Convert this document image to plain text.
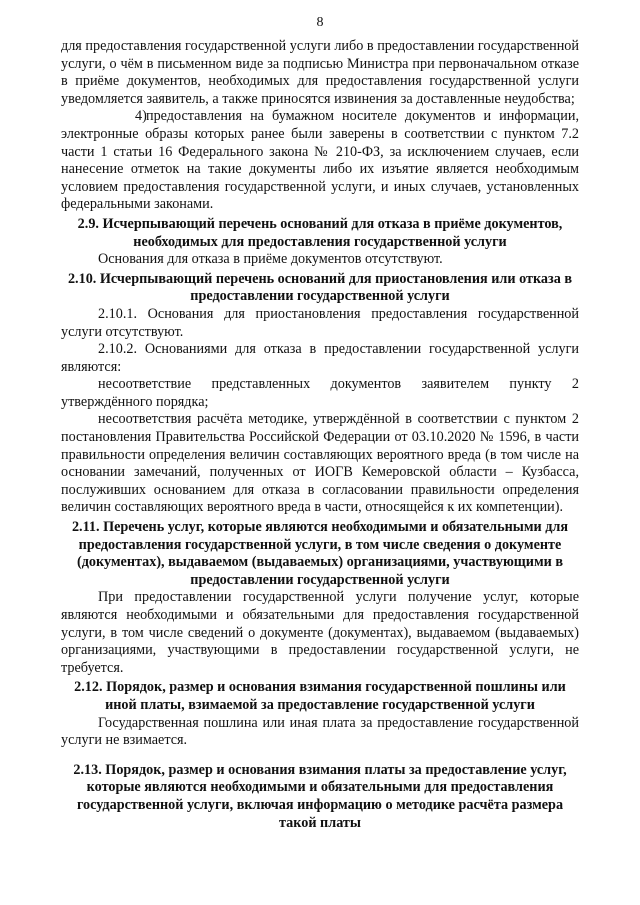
8

для предоставления государственной услуги либо в предоставлении государственной услуги, о чём в письменном виде за подписью Министра при первоначальном отказе в приёме документов, необходимых для предоставления государственной услуги уведомляется заявитель, а также приносятся извинения за доставленные неудобства;

4)предоставления на бумажном носителе документов и информации, электронные образы которых ранее были заверены в соответствии с пунктом 7.2 части 1 статьи 16 Федерального закона № 210-ФЗ, за исключением случаев, если нанесение отметок на такие документы либо их изъятие является необходимым условием предоставления государственной услуги, и иных случаев, установленных федеральными законами.

2.9. Исчерпывающий перечень оснований для отказа в приёме документов, необходимых для предоставления государственной услуги

Основания для отказа в приёме документов отсутствуют.

2.10. Исчерпывающий перечень оснований для приостановления или отказа в предоставлении государственной услуги

2.10.1. Основания для приостановления предоставления государственной услуги отсутствуют.

2.10.2. Основаниями для отказа в предоставлении государственной услуги являются:

несоответствие представленных документов заявителем пункту 2 утверждённого порядка;

несоответствия расчёта методике, утверждённой в соответствии с пунктом 2 постановления Правительства Российской Федерации от 03.10.2020 № 1596, в части правильности определения величин составляющих вероятного вреда (в том числе на основании замечаний, полученных от ИОГВ Кемеровской области – Кузбасса, послуживших основанием для отказа в согласовании правильности определения величин составляющих вероятного вреда в части, относящейся к их компетенции).

2.11. Перечень услуг, которые являются необходимыми и обязательными для предоставления государственной услуги, в том числе сведения о документе (документах), выдаваемом (выдаваемых) организациями, участвующими в предоставлении государственной услуги

При предоставлении государственной услуги получение услуг, которые являются необходимыми и обязательными для предоставления государственной услуги, в том числе сведений о документе (документах), выдаваемом (выдаваемых) организациями, участвующими в предоставлении государственной услуги, не требуется.

2.12. Порядок, размер и основания взимания государственной пошлины или иной платы, взимаемой за предоставление государственной услуги

Государственная пошлина или иная плата за предоставление государственной услуги не взимается.

2.13. Порядок, размер и основания взимания платы за предоставление услуг, которые являются необходимыми и обязательными для предоставления государственной услуги, включая информацию о методике расчёта размера такой платы
